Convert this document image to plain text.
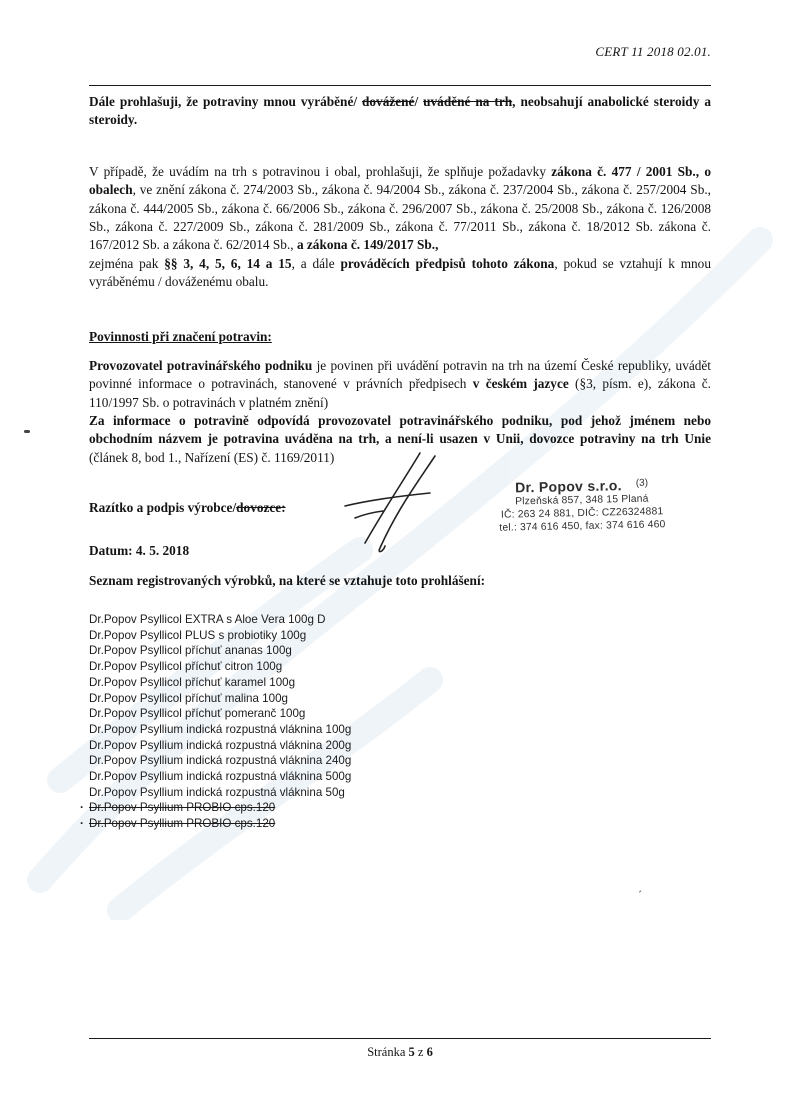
CERT 11 2018 02.01.
Dále prohlašuji, že potraviny mnou vyráběné/ dovážené/ uváděné na trh, neobsahují anabolické steroidy a steroidy.
V případě, že uvádím na trh s potravinou i obal, prohlašuji, že splňuje požadavky zákona č. 477 / 2001 Sb., o obalech, ve znění zákona č. 274/2003 Sb., zákona č. 94/2004 Sb., zákona č. 237/2004 Sb., zákona č. 257/2004 Sb., zákona č. 444/2005 Sb., zákona č. 66/2006 Sb., zákona č. 296/2007 Sb., zákona č. 25/2008 Sb., zákona č. 126/2008 Sb., zákona č. 227/2009 Sb., zákona č. 281/2009 Sb., zákona č. 77/2011 Sb., zákona č. 18/2012 Sb. zákona č. 167/2012 Sb. a zákona č. 62/2014 Sb., a zákona č. 149/2017 Sb.,
zejména pak §§ 3, 4, 5, 6, 14 a 15, a dále prováděcích předpisů tohoto zákona, pokud se vztahují k mnou vyráběnému / dováženému obalu.
Povinnosti při značení potravin:
Provozovatel potravinářského podniku je povinen při uvádění potravin na trh na území České republiky, uvádět povinné informace o potravinách, stanovené v právních předpisech v českém jazyce (§3, písm. e), zákona č. 110/1997 Sb. o potravinách v platném znění)
Za informace o potravině odpovídá provozovatel potravinářského podniku, pod jehož jménem nebo obchodním názvem je potravina uváděna na trh, a není-li usazen v Unii, dovozce potraviny na trh Unie (článek 8, bod 1., Nařízení (ES) č. 1169/2011)
Razítko a podpis výrobce/dovozce:
Dr. Popov s.r.o. (3)
Plzeňská 857, 348 15 Planá
IČ: 263 24 881, DIČ: CZ26324881
tel.: 374 616 450, fax: 374 616 460
Datum: 4. 5. 2018
Seznam registrovaných výrobků, na které se vztahuje toto prohlášení:
Dr.Popov Psyllicol EXTRA s Aloe Vera 100g D
Dr.Popov Psyllicol PLUS s probiotiky 100g
Dr.Popov Psyllicol příchuť ananas 100g
Dr.Popov Psyllicol příchuť citron 100g
Dr.Popov Psyllicol příchuť karamel 100g
Dr.Popov Psyllicol příchuť malina 100g
Dr.Popov Psyllicol příchuť pomeranč 100g
Dr.Popov Psyllium indická rozpustná vláknina 100g
Dr.Popov Psyllium indická rozpustná vláknina 200g
Dr.Popov Psyllium indická rozpustná vláknina 240g
Dr.Popov Psyllium indická rozpustná vláknina 500g
Dr.Popov Psyllium indická rozpustná vláknina 50g
· Dr.Popov Psyllium PROBIO cps.120
· Dr.Popov Psyllium PROBIO cps.120
´
Stránka 5 z 6
